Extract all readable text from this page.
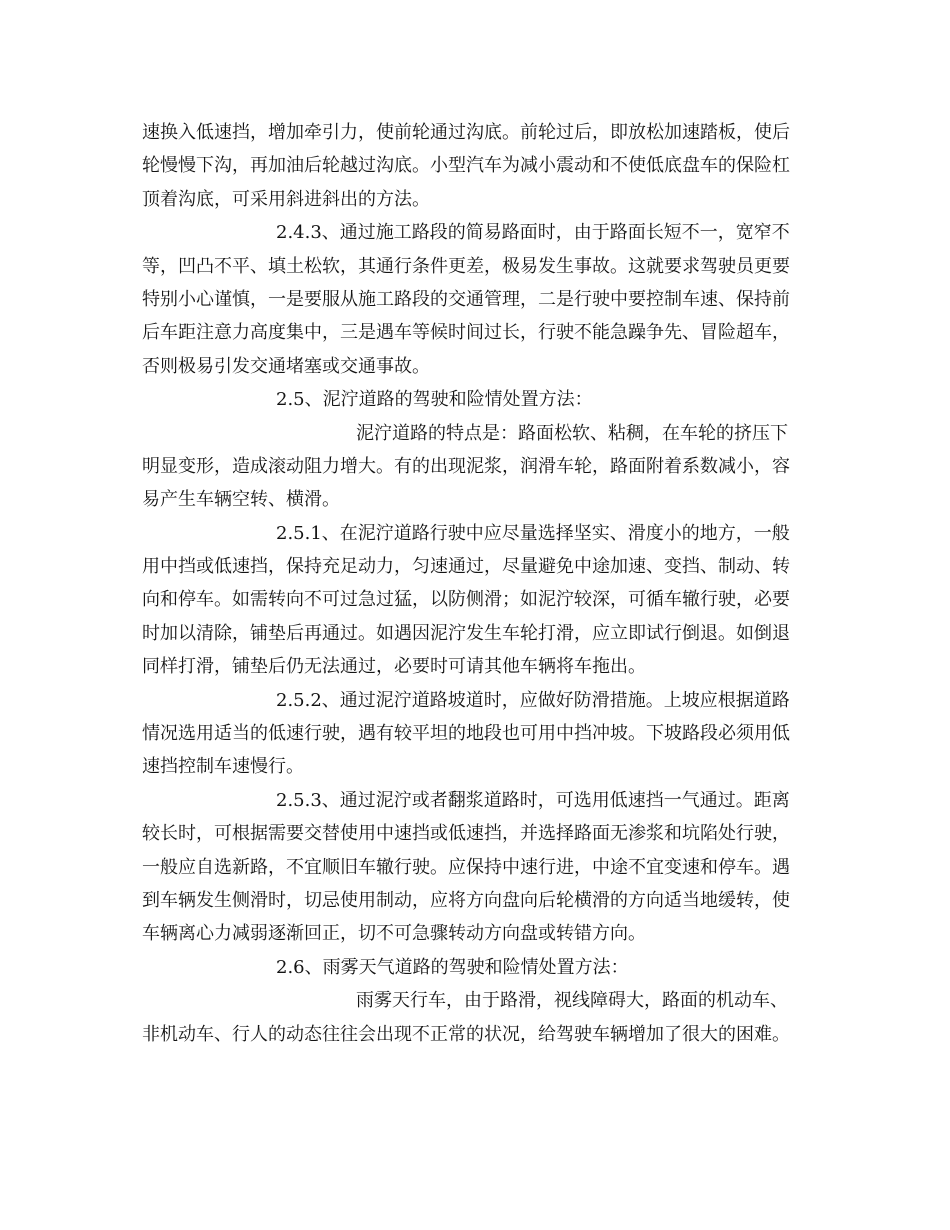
速换入低速挡，增加牵引力，使前轮通过沟底。前轮过后，即放松加速踏板，使后
轮慢慢下沟，再加油后轮越过沟底。小型汽车为减小震动和不使低底盘车的保险杠
顶着沟底，可采用斜进斜出的方法。
2.4.3、通过施工路段的简易路面时，由于路面长短不一，宽窄不
等，凹凸不平、填土松软，其通行条件更差，极易发生事故。这就要求驾驶员更要
特别小心谨慎，一是要服从施工路段的交通管理，二是行驶中要控制车速、保持前
后车距注意力高度集中，三是遇车等候时间过长，行驶不能急躁争先、冒险超车，
否则极易引发交通堵塞或交通事故。
2.5、泥泞道路的驾驶和险情处置方法：
泥泞道路的特点是：路面松软、粘稠，在车轮的挤压下
明显变形，造成滚动阻力增大。有的出现泥浆，润滑车轮，路面附着系数减小，容
易产生车辆空转、横滑。
2.5.1、在泥泞道路行驶中应尽量选择坚实、滑度小的地方，一般
用中挡或低速挡，保持充足动力，匀速通过，尽量避免中途加速、变挡、制动、转
向和停车。如需转向不可过急过猛，以防侧滑；如泥泞较深，可循车辙行驶，必要
时加以清除，铺垫后再通过。如遇因泥泞发生车轮打滑，应立即试行倒退。如倒退
同样打滑，铺垫后仍无法通过，必要时可请其他车辆将车拖出。
2.5.2、通过泥泞道路坡道时，应做好防滑措施。上坡应根据道路
情况选用适当的低速行驶，遇有较平坦的地段也可用中挡冲坡。下坡路段必须用低
速挡控制车速慢行。
2.5.3、通过泥泞或者翻浆道路时，可选用低速挡一气通过。距离
较长时，可根据需要交替使用中速挡或低速挡，并选择路面无渗浆和坑陷处行驶，
一般应自选新路，不宜顺旧车辙行驶。应保持中速行进，中途不宜变速和停车。遇
到车辆发生侧滑时，切忌使用制动，应将方向盘向后轮横滑的方向适当地缓转，使
车辆离心力减弱逐渐回正，切不可急骤转动方向盘或转错方向。
2.6、雨雾天气道路的驾驶和险情处置方法：
雨雾天行车，由于路滑，视线障碍大，路面的机动车、
非机动车、行人的动态往往会出现不正常的状况，给驾驶车辆增加了很大的困难。
